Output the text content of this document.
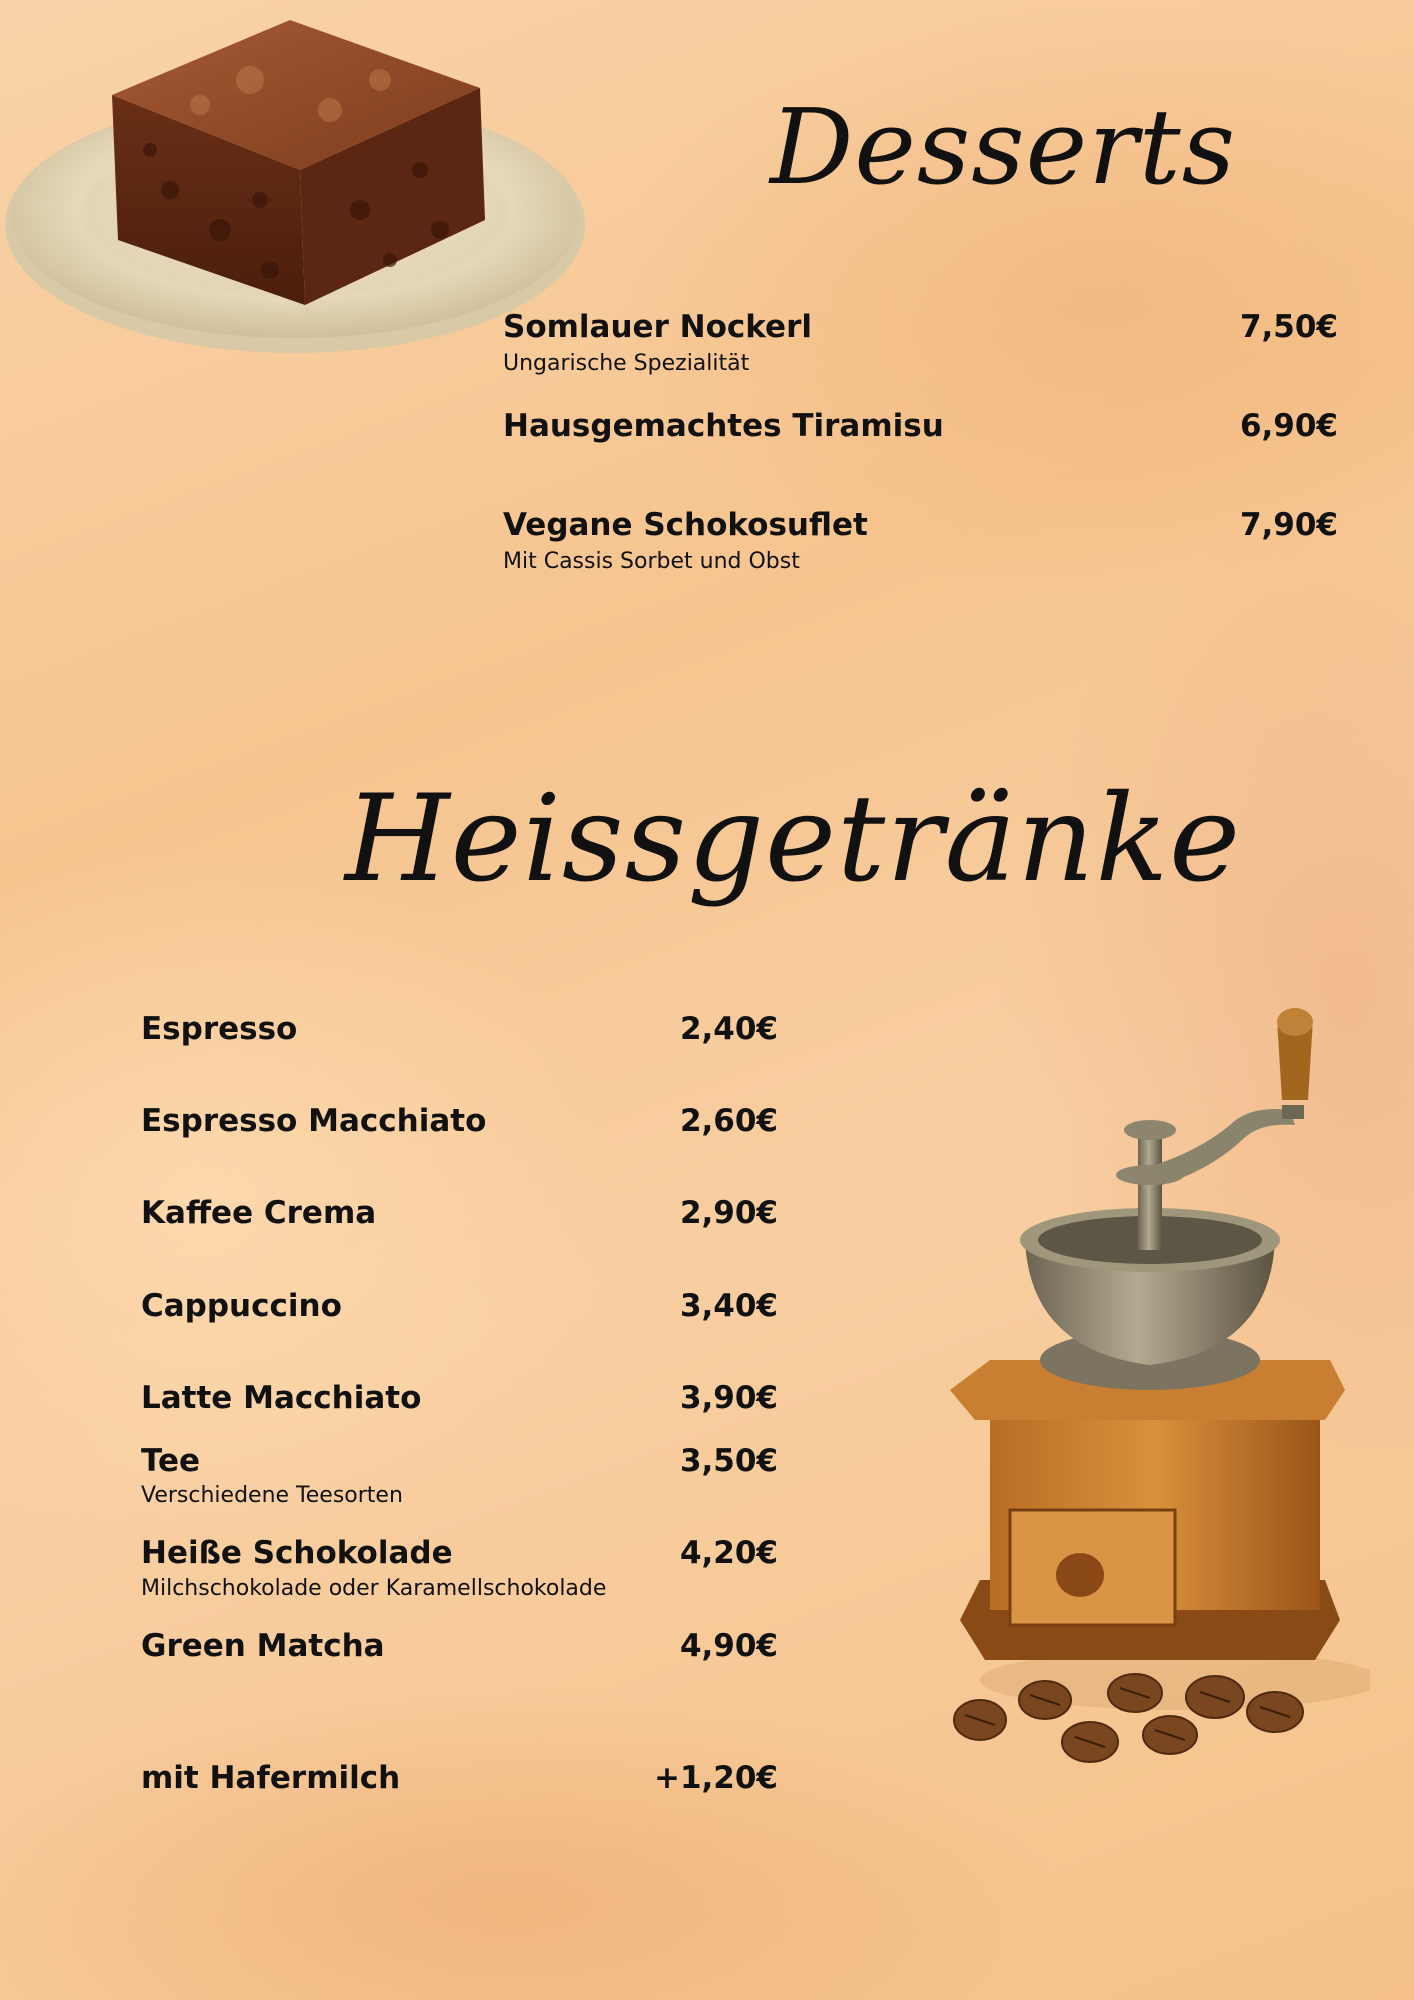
Desserts
Somlauer Nockerl	7,50€
Ungarische Spezialität
Hausgemachtes Tiramisu	6,90€
Vegane Schokosuflet	7,90€
Mit Cassis Sorbet und Obst
Heissgetränke
Espresso	2,40€
Espresso Macchiato	2,60€
Kaffee Crema	2,90€
Cappuccino	3,40€
Latte Macchiato	3,90€
Tee	3,50€
Verschiedene Teesorten
Heiße Schokolade	4,20€
Milchschokolade oder Karamellschokolade
Green Matcha	4,90€
mit Hafermilch	+1,20€
